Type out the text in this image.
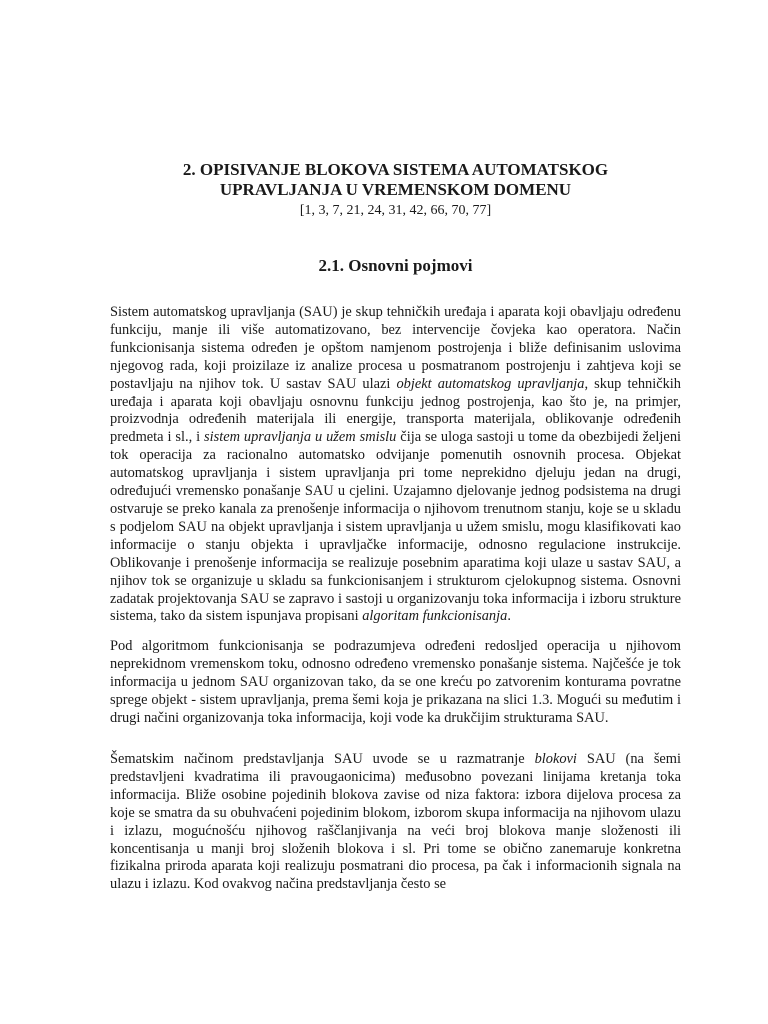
2. OPISIVANJE BLOKOVA SISTEMA AUTOMATSKOG
UPRAVLJANJA U VREMENSKOM DOMENU
[1, 3, 7, 21, 24, 31, 42, 66, 70, 77]
2.1. Osnovni pojmovi

Sistem automatskog upravljanja (SAU) je skup tehničkih uređaja i aparata koji obavljaju određenu funkciju, manje ili više automatizovano, bez intervencije čovjeka kao operatora. Način funkcionisanja sistema određen je opštom namjenom postrojenja i bliže definisanim uslovima njegovog rada, koji proizilaze iz analize procesa u posmatranom postrojenju i zahtjeva koji se postavljaju na njihov tok. U sastav SAU ulazi objekt automatskog upravljanja, skup tehničkih uređaja i aparata koji obavljaju osnovnu funkciju jednog postrojenja, kao što je, na primjer, proizvodnja određenih materijala ili energije, transporta materijala, oblikovanje određenih predmeta i sl., i sistem upravljanja u užem smislu čija se uloga sastoji u tome da obezbijedi željeni tok operacija za racionalno automatsko odvijanje pomenutih osnovnih procesa. Objekat automatskog upravljanja i sistem upravljanja pri tome neprekidno djeluju jedan na drugi, određujući vremensko ponašanje SAU u cjelini. Uzajamno djelovanje jednog podsistema na drugi ostvaruje se preko kanala za prenošenje informacija o njihovom trenutnom stanju, koje se u skladu s podjelom SAU na objekt upravljanja i sistem upravljanja u užem smislu, mogu klasifikovati kao informacije o stanju objekta i upravljačke informacije, odnosno regulacione instrukcije. Oblikovanje i prenošenje informacija se realizuje posebnim aparatima koji ulaze u sastav SAU, a njihov tok se organizuje u skladu sa funkcionisanjem i strukturom cjelokupnog sistema. Osnovni zadatak projektovanja SAU se zapravo i sastoji u organizovanju toka informacija i izboru strukture sistema, tako da sistem ispunjava propisani algoritam funkcionisanja.

Pod algoritmom funkcionisanja se podrazumjeva određeni redosljed operacija u njihovom neprekidnom vremenskom toku, odnosno određeno vremensko ponašanje sistema. Najčešće je tok informacija u jednom SAU organizovan tako, da se one kreću po zatvorenim konturama povratne sprege objekt - sistem upravljanja, prema šemi koja je prikazana na slici 1.3. Mogući su međutim i drugi načini organizovanja toka informacija, koji vode ka drukčijim strukturama SAU.

Šematskim načinom predstavljanja SAU uvode se u razmatranje blokovi SAU (na šemi predstavljeni kvadratima ili pravougaonicima) međusobno povezani linijama kretanja toka informacija. Bliže osobine pojedinih blokova zavise od niza faktora: izbora dijelova procesa za koje se smatra da su obuhvaćeni pojedinim blokom, izborom skupa informacija na njihovom ulazu i izlazu, mogućnošću njihovog raščlanjivanja na veći broj blokova manje složenosti ili koncentisanja u manji broj složenih blokova i sl. Pri tome se obično zanemaruje konkretna fizikalna priroda aparata koji realizuju posmatrani dio procesa, pa čak i informacionih signala na ulazu i izlazu. Kod ovakvog načina predstavljanja često se
